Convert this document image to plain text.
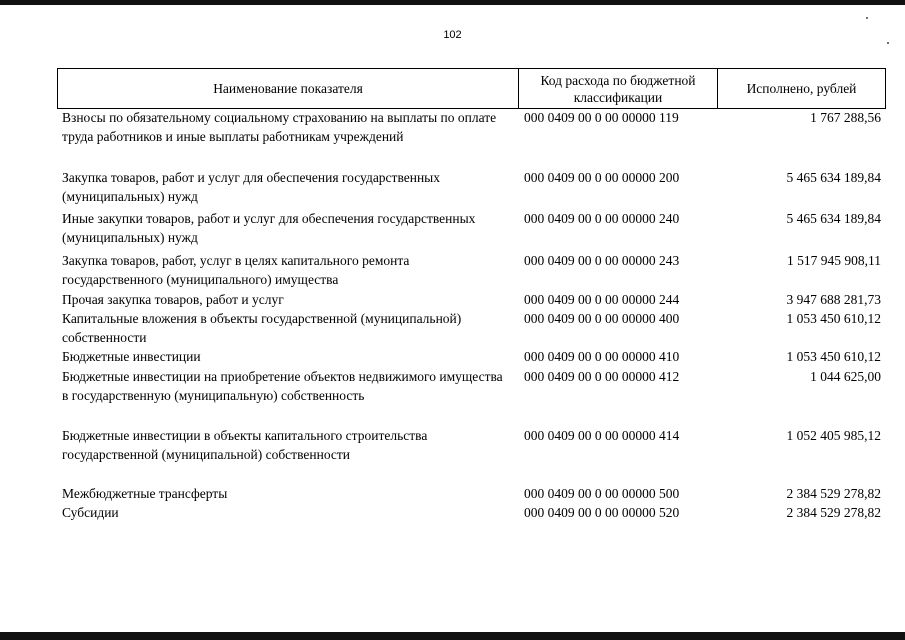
102
Наименование показателя
Код расхода по бюджетной классификации
Исполнено, рублей
Взносы по обязательному социальному страхованию на выплаты по оплате труда работников и иные выплаты работникам учреждений
000 0409 00 0 00 00000 119	1 767 288,56
Закупка товаров, работ и услуг для обеспечения государственных (муниципальных) нужд
000 0409 00 0 00 00000 200	5 465 634 189,84
Иные закупки товаров, работ и услуг для обеспечения государственных (муниципальных) нужд
000 0409 00 0 00 00000 240	5 465 634 189,84
Закупка товаров, работ, услуг в целях капитального ремонта государственного (муниципального) имущества
000 0409 00 0 00 00000 243	1 517 945 908,11
Прочая закупка товаров, работ и услуг	000 0409 00 0 00 00000 244	3 947 688 281,73
Капитальные вложения в объекты государственной (муниципальной) собственности
000 0409 00 0 00 00000 400	1 053 450 610,12
Бюджетные инвестиции	000 0409 00 0 00 00000 410	1 053 450 610,12
Бюджетные инвестиции на приобретение объектов недвижимого имущества в государственную (муниципальную) собственность
000 0409 00 0 00 00000 412	1 044 625,00
Бюджетные инвестиции в объекты капитального строительства государственной (муниципальной) собственности
000 0409 00 0 00 00000 414	1 052 405 985,12
Межбюджетные трансферты	000 0409 00 0 00 00000 500	2 384 529 278,82
Субсидии	000 0409 00 0 00 00000 520	2 384 529 278,82
